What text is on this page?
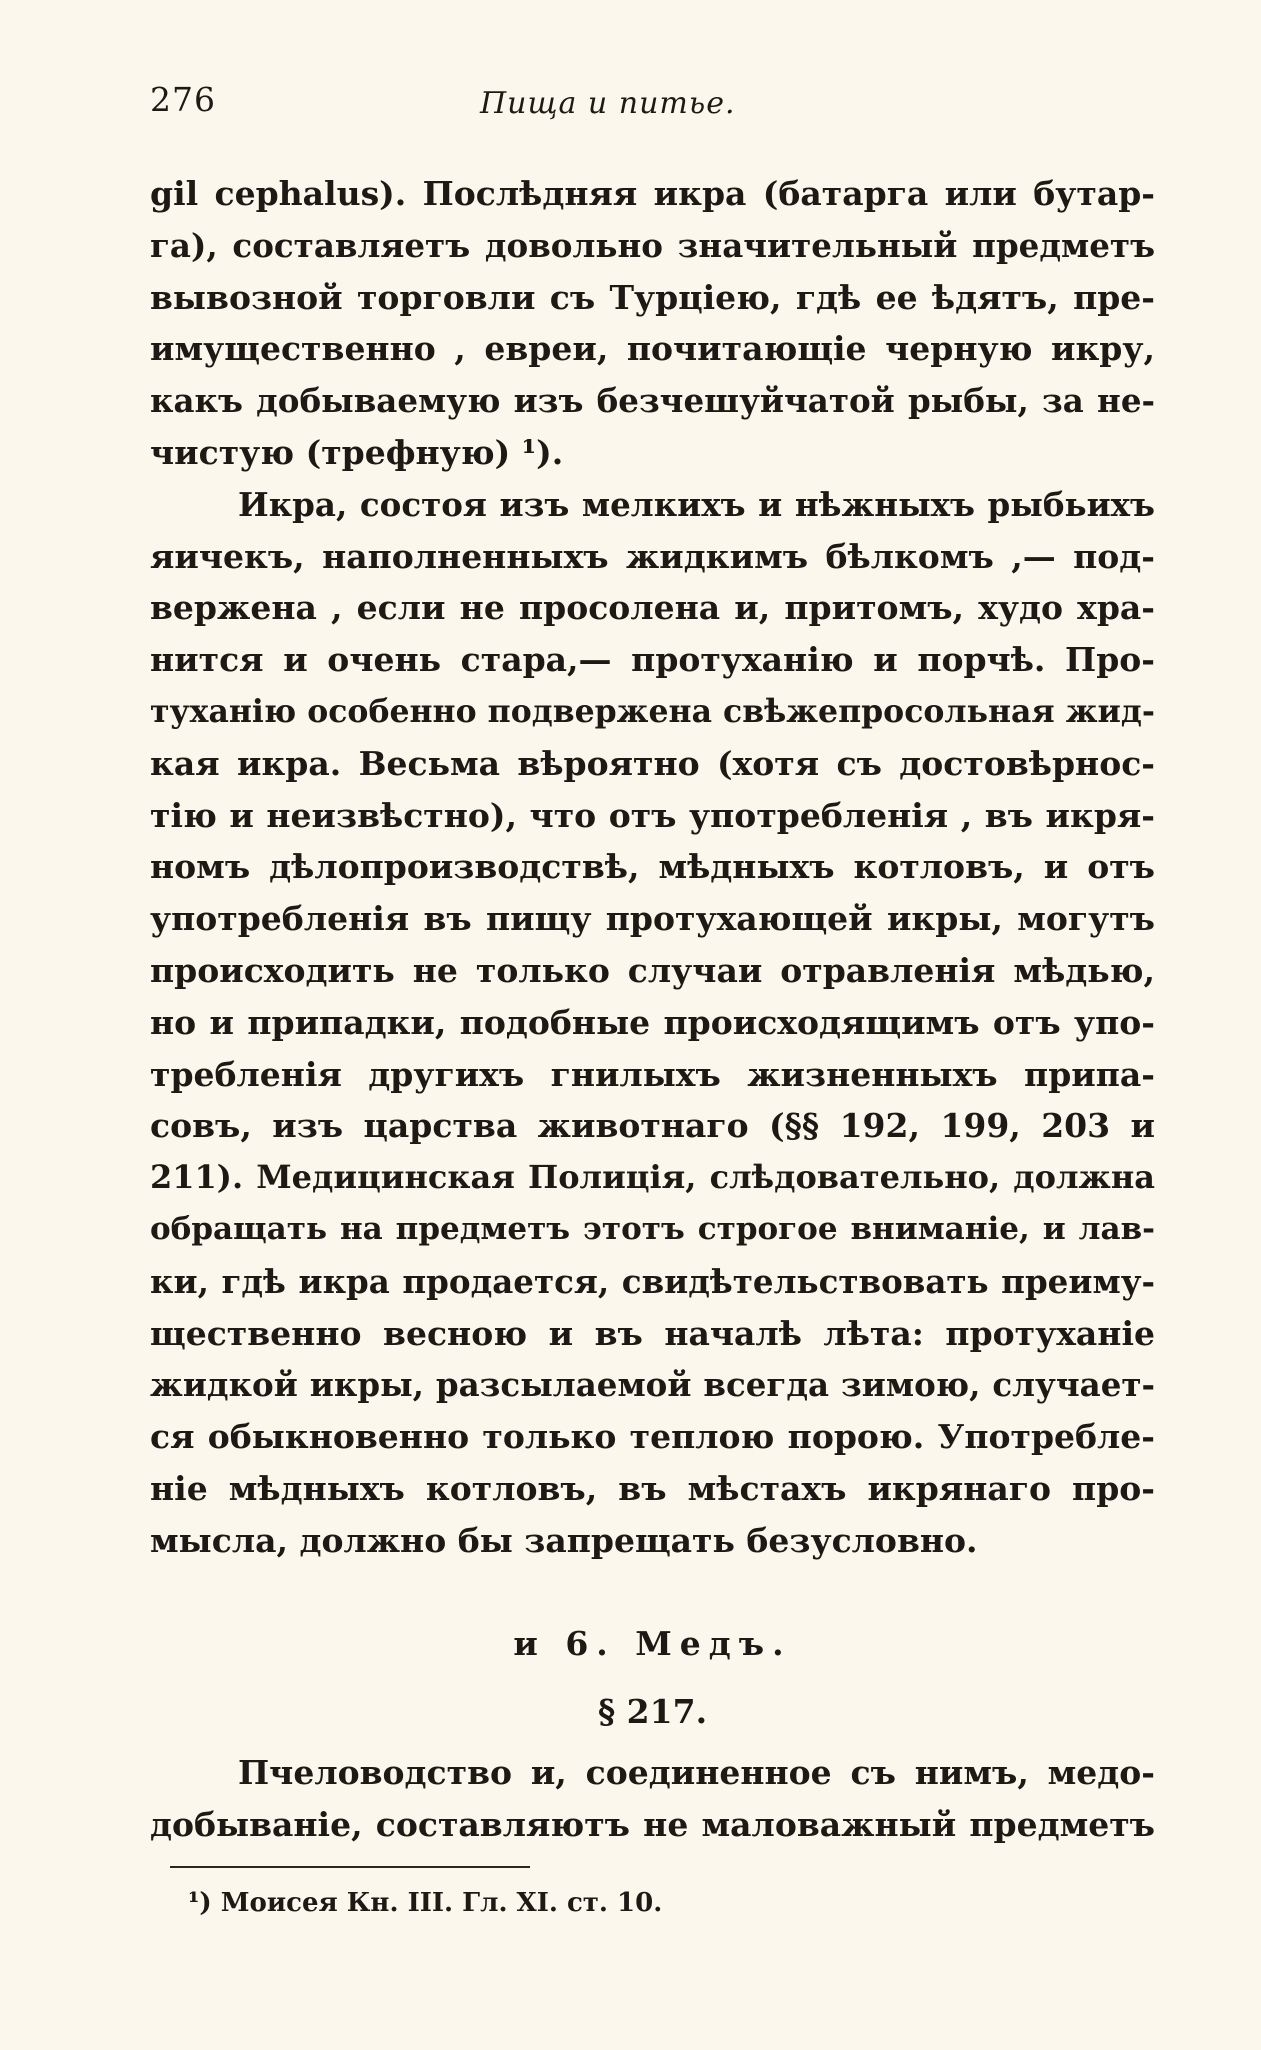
276	Пища и питье.
gil cephalus). Послѣдняя икра (батарга или бутар-
га), составляетъ довольно значительный предметъ
вывозной торговли съ Турціею, гдѣ ее ѣдятъ, пре-
имущественно , евреи, почитающіе черную икру,
какъ добываемую изъ безчешуйчатой рыбы, за не-
чистую (трефную) ¹).
Икра, состоя изъ мелкихъ и нѣжныхъ рыбьихъ
яичекъ, наполненныхъ жидкимъ бѣлкомъ ,— под-
вержена , если не просолена и, притомъ, худо хра-
нится и очень стара,— протуханію и порчѣ. Про-
туханію особенно подвержена свѣжепросольная жид-
кая икра. Весьма вѣроятно (хотя съ достовѣрнос-
тію и неизвѣстно), что отъ употребленія , въ икря-
номъ дѣлопроизводствѣ, мѣдныхъ котловъ, и отъ
употребленія въ пищу протухающей икры, могутъ
происходить не только случаи отравленія мѣдью,
но и припадки, подобные происходящимъ отъ упо-
требленія другихъ гнилыхъ жизненныхъ припа-
совъ, изъ царства животнаго (§§ 192, 199, 203 и
211). Медицинская Полиція, слѣдовательно, должна
обращать на предметъ этотъ строгое вниманіе, и лав-
ки, гдѣ икра продается, свидѣтельствовать преиму-
щественно весною и въ началѣ лѣта: протуханіе
жидкой икры, разсылаемой всегда зимою, случает-
ся обыкновенно только теплою порою. Употребле-
ніе мѣдныхъ котловъ, въ мѣстахъ икрянаго про-
мысла, должно бы запрещать безусловно.
и 6. Медъ.
§ 217.
Пчеловодство и, соединенное съ нимъ, медо-
добываніе, составляютъ не маловажный предметъ
¹) Моисея Кн. III. Гл. XI. ст. 10.
